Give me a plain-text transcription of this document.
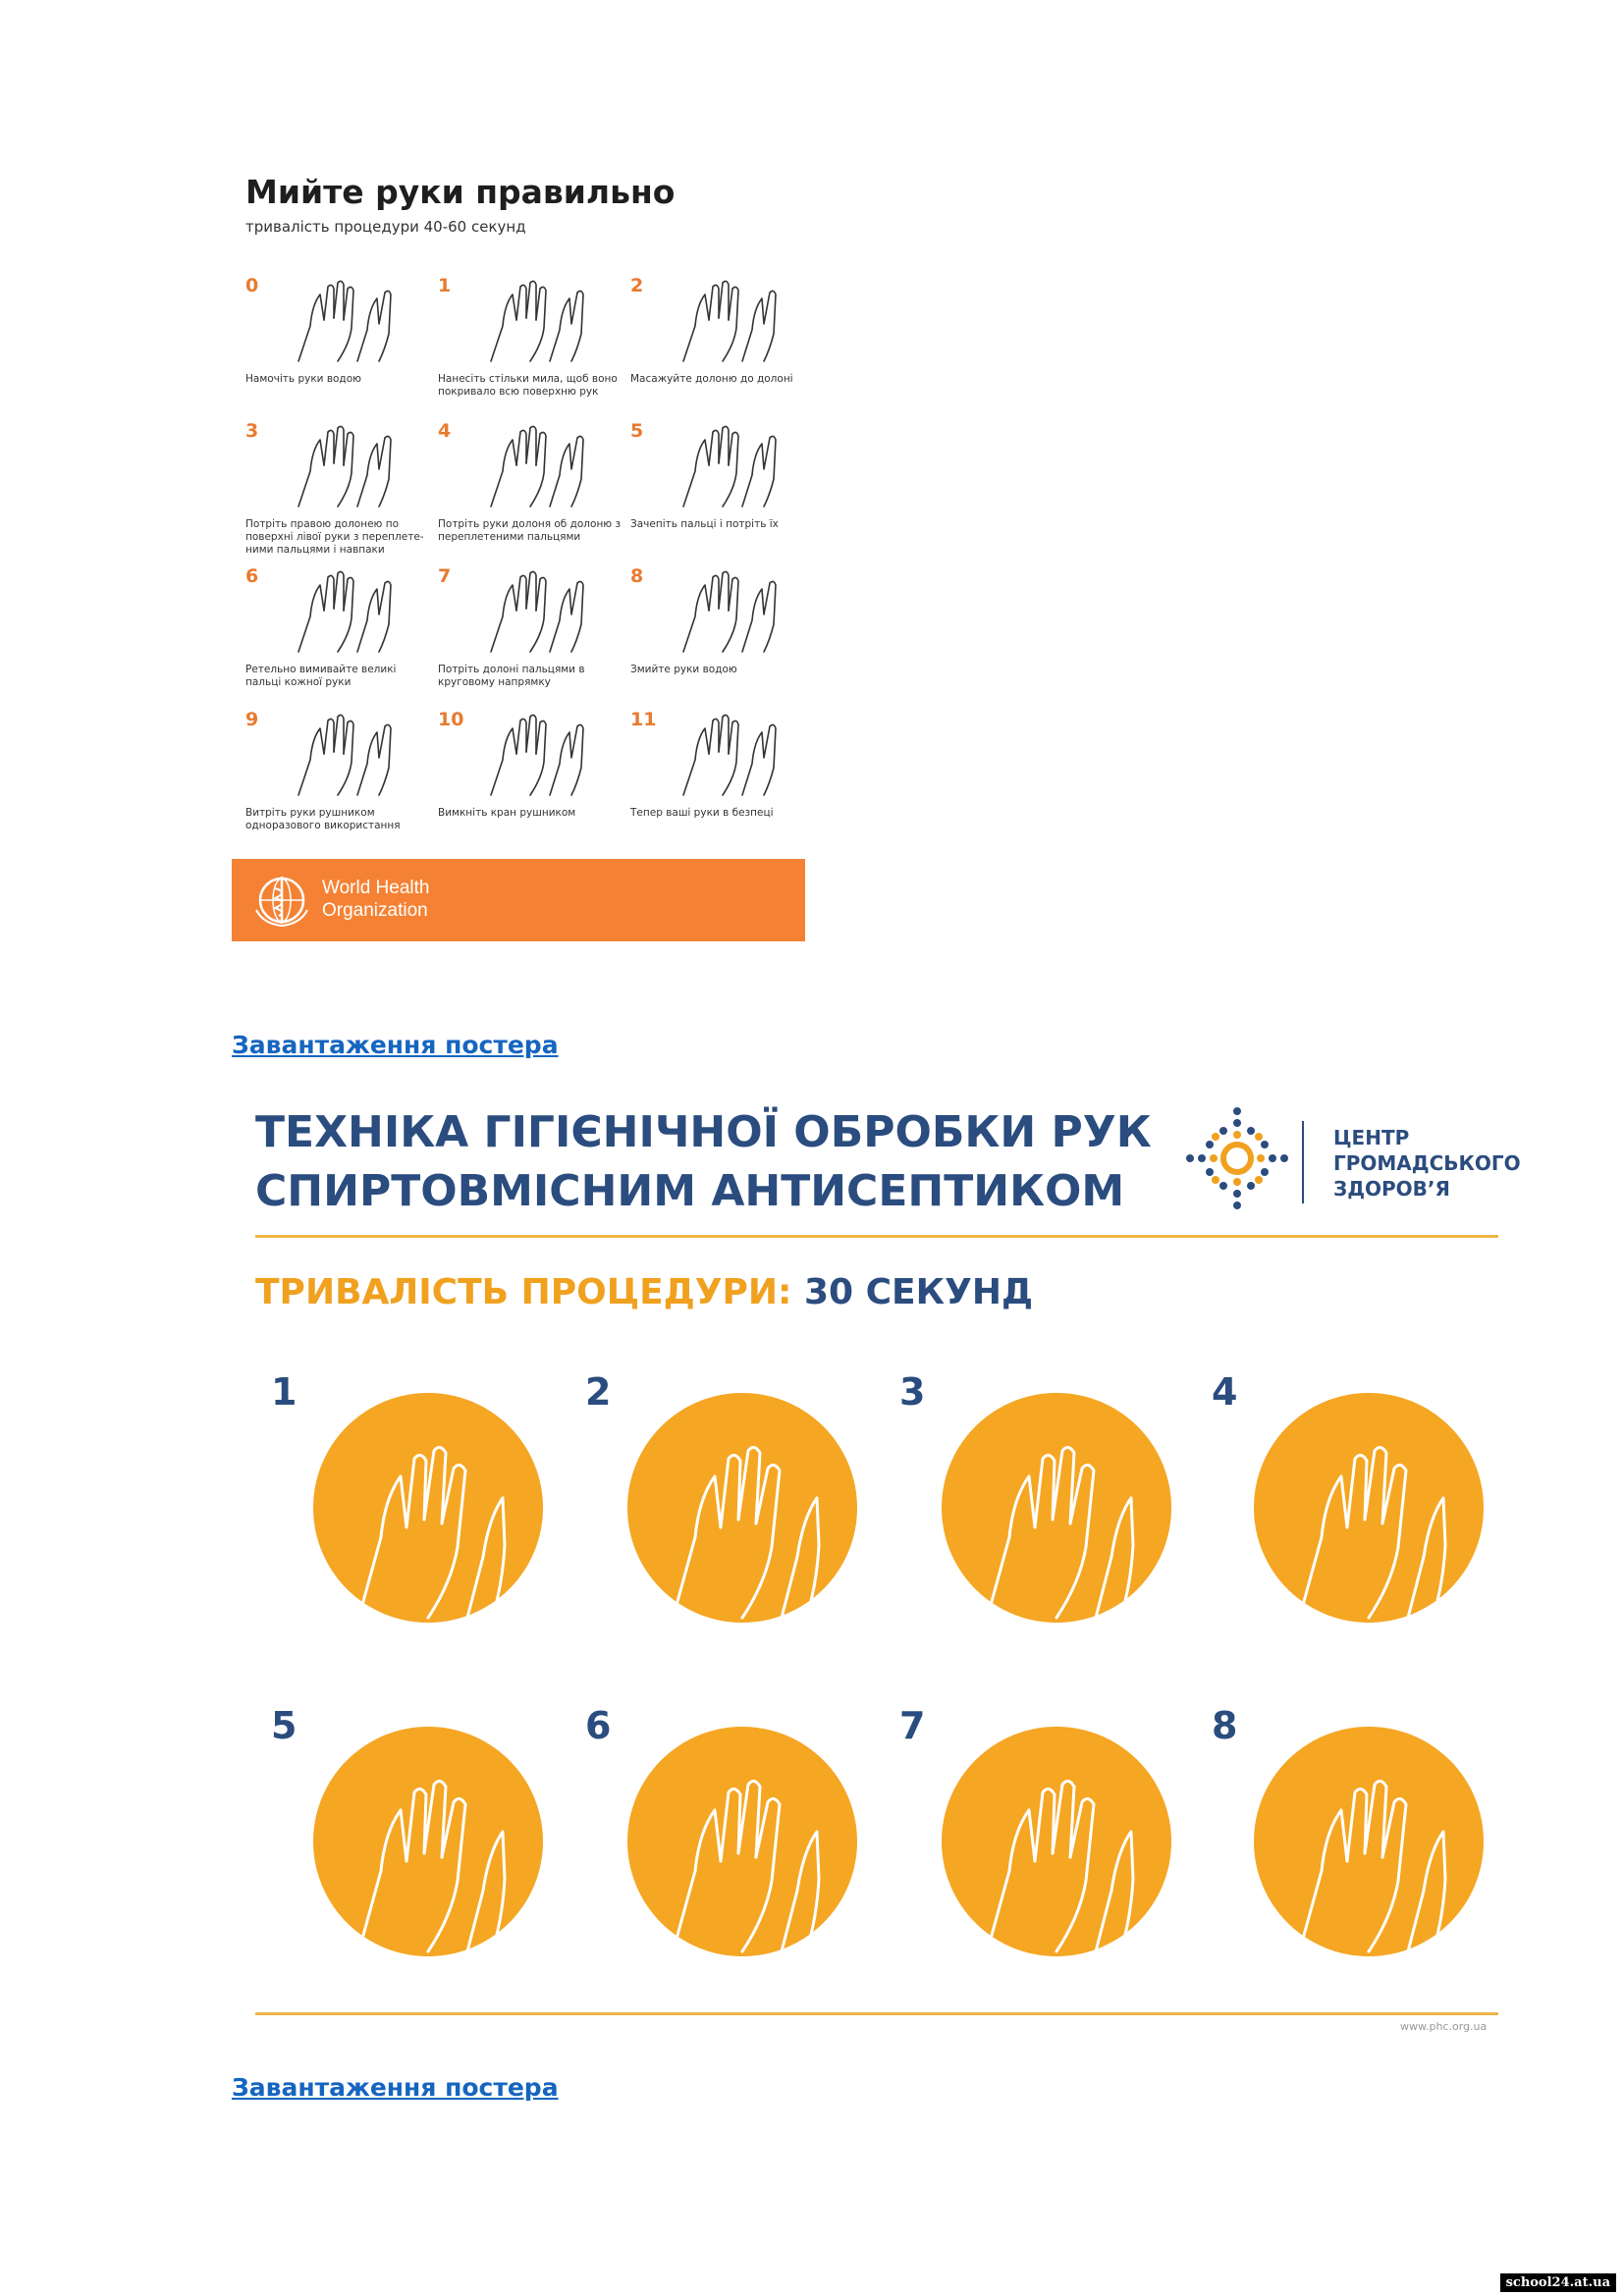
Мийте руки правильно
тривалість процедури 40-60 секунд
0
Намочіть руки водою
1
Нанесіть стільки мила, щоб воно покривало всю поверхню рук
2
Масажуйте долоню до долоні
3
Потріть правою долонею по поверхні лівої руки з переплете-ними пальцями і навпаки
4
Потріть руки долоня об долоню з переплетеними пальцями
5
Зачепіть пальці і потріть їх
6
Ретельно вимивайте великі пальці кожної руки
7
Потріть долоні пальцями в круговому напрямку
8
Змийте руки водою
9
Витріть руки рушником одноразового використання
10
Вимкніть кран рушником
11
Тепер ваші руки в безпеці
World Health Organization
Завантаження постера
ТЕХНІКА ГІГІЄНІЧНОЇ ОБРОБКИ РУК
СПИРТОВМІСНИМ АНТИСЕПТИКОМ
ЦЕНТР
ГРОМАДСЬКОГО
ЗДОРОВ’Я
ТРИВАЛІСТЬ ПРОЦЕДУРИ: 30 СЕКУНД
1	2	3	4
5	6	7	8
www.phc.org.ua
Завантаження постера
school24.at.ua
